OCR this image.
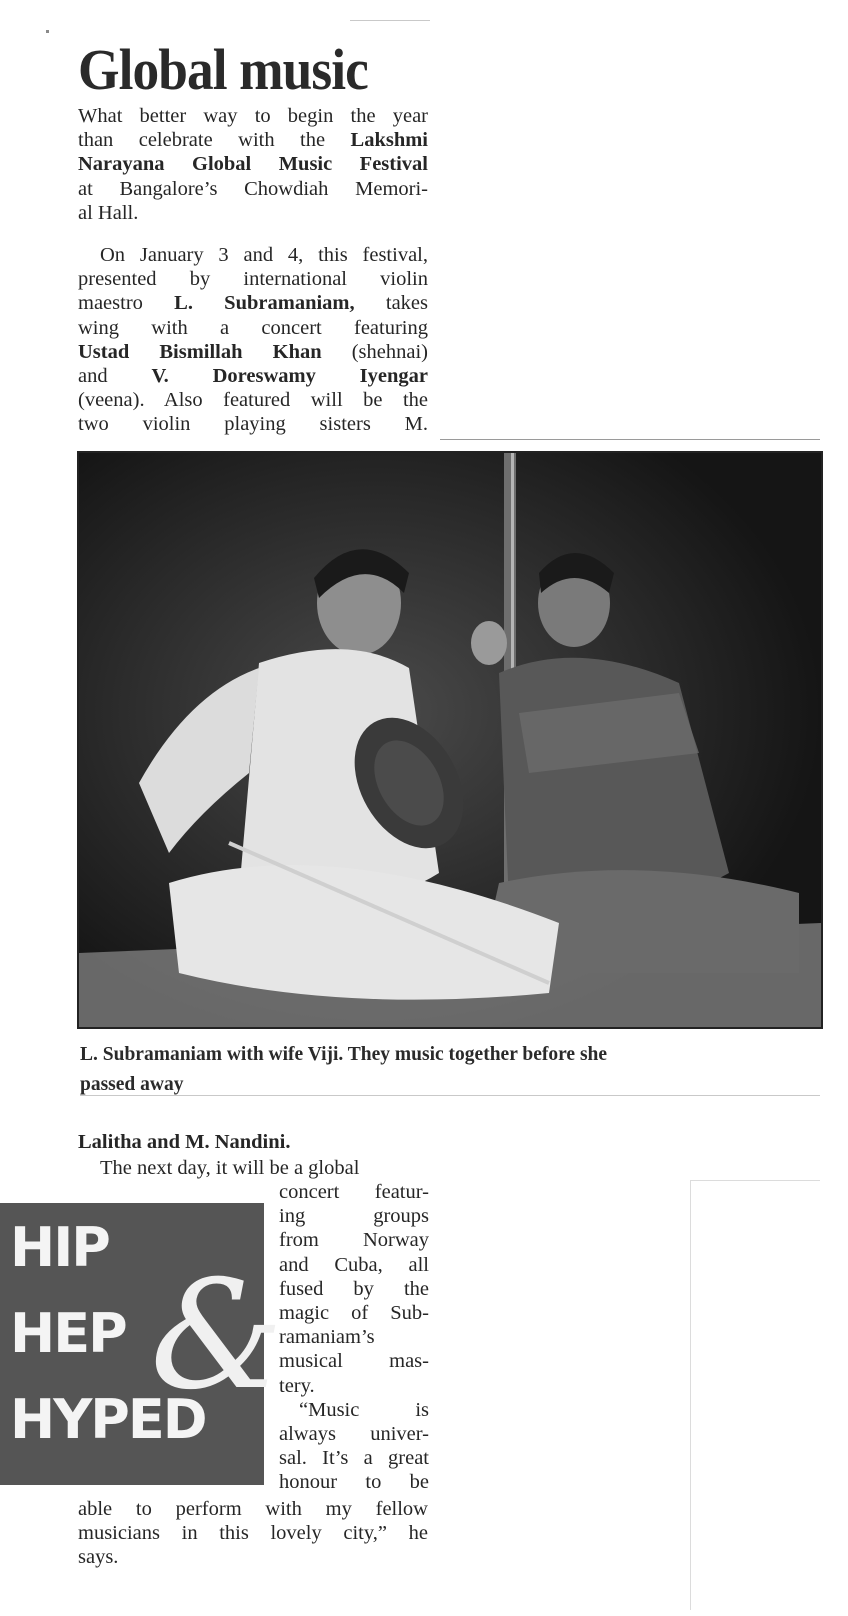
Global music

What better way to begin the year

than celebrate with the Lakshmi

Narayana Global Music Festival

at Bangalore’s Chowdiah Memori-

al Hall.

On January 3 and 4, this festival,

presented by international violin

maestro L. Subramaniam, takes

wing with a concert featuring

Ustad Bismillah Khan (shehnai)

and V. Doreswamy Iyengar

(veena). Also featured will be the

two violin playing sisters M.

L. Subramaniam with wife Viji. They music together before she
passed away
Lalitha and M. Nandini.
The next day, it will be a global
HIP
HEP
HYPED
&

concert featur-

ing groups

from Norway

and Cuba, all

fused by the

magic of Sub-

ramaniam’s

musical mas-

tery.

“Music is

always univer-

sal. It’s a great

honour to be

able to perform with my fellow

musicians in this lovely city,” he

says.
